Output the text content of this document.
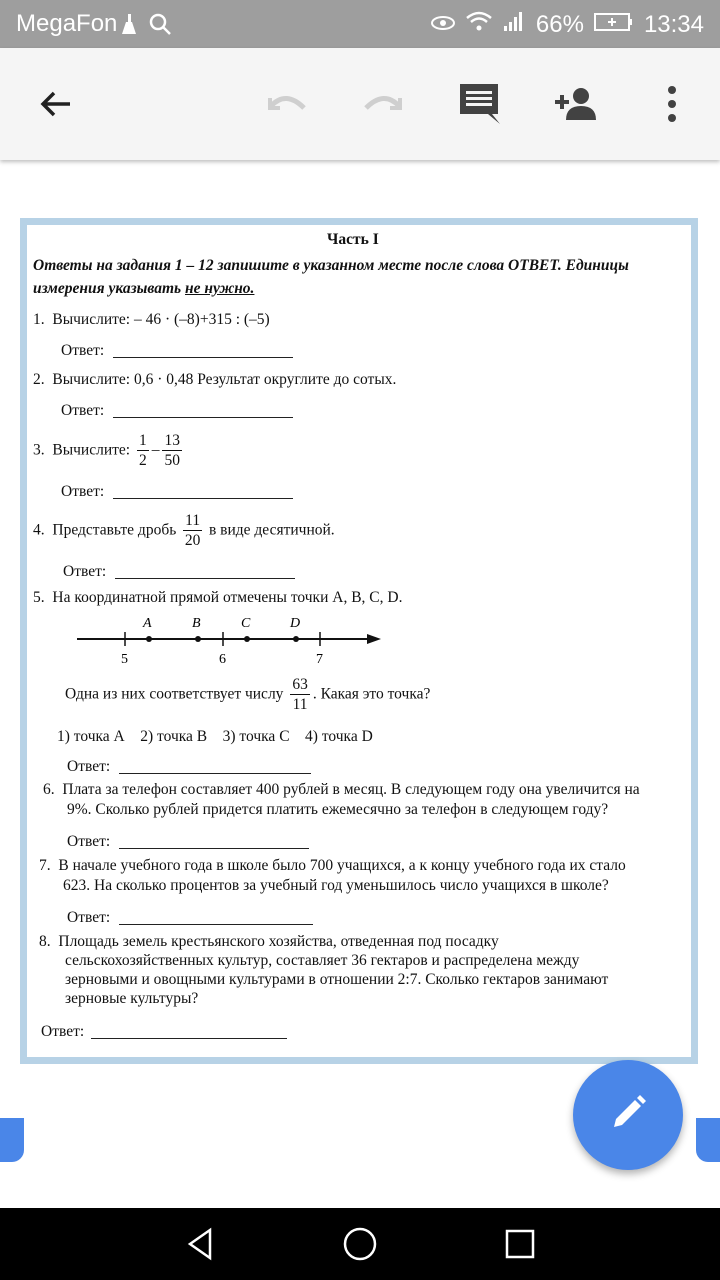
MegaFon	66%	13:34
Часть I
Ответы на задания 1 – 12 запишите в указанном месте после слова ОТВЕТ. Единицы
измерения указывать не нужно.
1. Вычислите: – 46 · (–8)+315 : (–5)
Ответ:
2. Вычислите: 0,6 · 0,48 Результат округлите до сотых.
Ответ:
3. Вычислите: $\frac{1}{2} - \frac{13}{50}$
Ответ:
4. Представьте дробь $\frac{11}{20}$ в виде десятичной.
Ответ:
5. На координатной прямой отмечены точки A, B, C, D.
A	B	C	D
5	6	7
Одна из них соответствует числу $\frac{63}{11}$ . Какая это точка?
1) точка A 2) точка B 3) точка C 4) точка D
Ответ:
6. Плата за телефон составляет 400 рублей в месяц. В следующем году она увеличится на
9%. Сколько рублей придется платить ежемесячно за телефон в следующем году?
Ответ:
7. В начале учебного года в школе было 700 учащихся, а к концу учебного года их стало
623. На сколько процентов за учебный год уменьшилось число учащихся в школе?
Ответ:
8. Площадь земель крестьянского хозяйства, отведенная под посадку
сельскохозяйственных культур, составляет 36 гектаров и распределена между
зерновыми и овощными культурами в отношении 2:7. Сколько гектаров занимают
зерновые культуры?
Ответ:
